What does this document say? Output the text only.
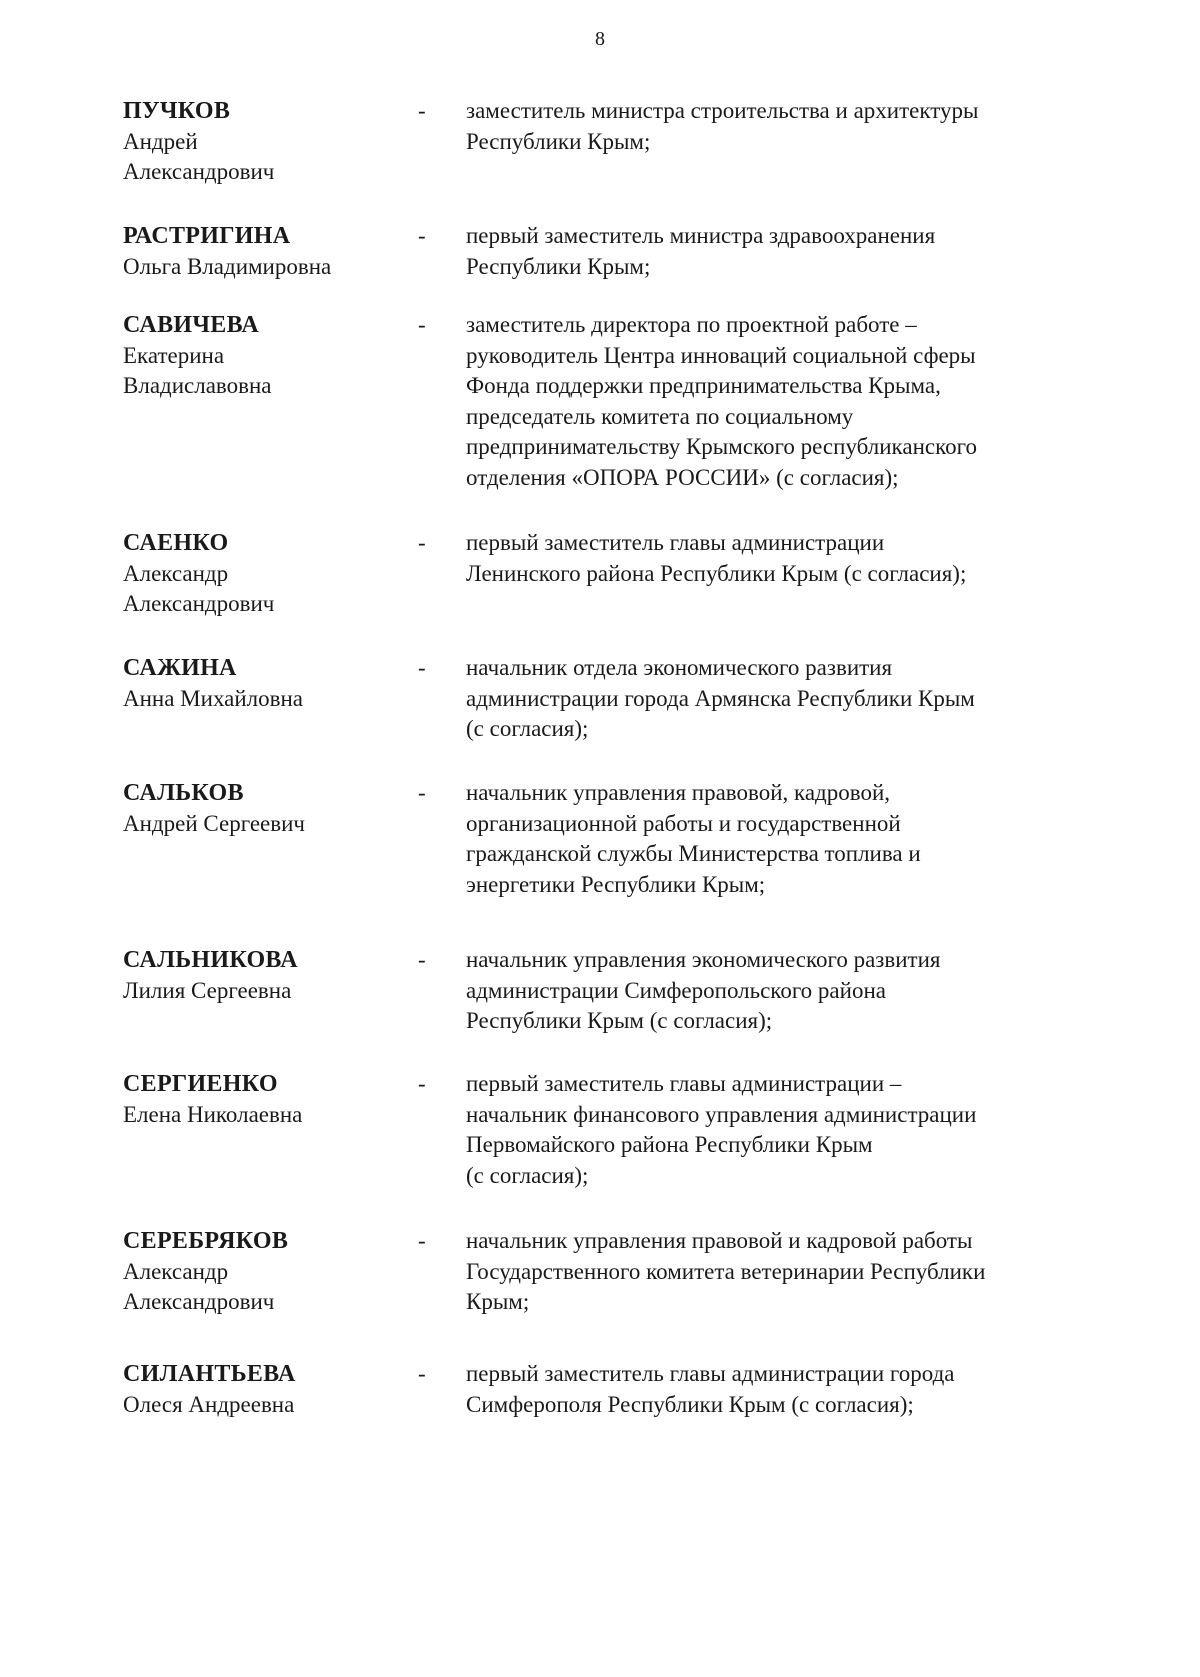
8
ПУЧКОВ
Андрей
Александрович
-	заместитель министра строительства и архитектуры
Республики Крым;
РАСТРИГИНА
Ольга Владимировна
-	первый заместитель министра здравоохранения
Республики Крым;
САВИЧЕВА
Екатерина
Владиславовна
-	заместитель директора по проектной работе –
руководитель Центра инноваций социальной сферы
Фонда поддержки предпринимательства Крыма,
председатель комитета по социальному
предпринимательству Крымского республиканского
отделения «ОПОРА РОССИИ» (с согласия);
САЕНКО
Александр
Александрович
-	первый заместитель главы администрации
Ленинского района Республики Крым (с согласия);
САЖИНА
Анна Михайловна
-	начальник отдела экономического развития
администрации города Армянска Республики Крым
(с согласия);
САЛЬКОВ
Андрей Сергеевич
-	начальник управления правовой, кадровой,
организационной работы и государственной
гражданской службы Министерства топлива и
энергетики Республики Крым;
САЛЬНИКОВА
Лилия Сергеевна
-	начальник управления экономического развития
администрации Симферопольского района
Республики Крым (с согласия);
СЕРГИЕНКО
Елена Николаевна
-	первый заместитель главы администрации –
начальник финансового управления администрации
Первомайского района Республики Крым
(с согласия);
СЕРЕБРЯКОВ
Александр
Александрович
-	начальник управления правовой и кадровой работы
Государственного комитета ветеринарии Республики
Крым;
СИЛАНТЬЕВА
Олеся Андреевна
-	первый заместитель главы администрации города
Симферополя Республики Крым (с согласия);
